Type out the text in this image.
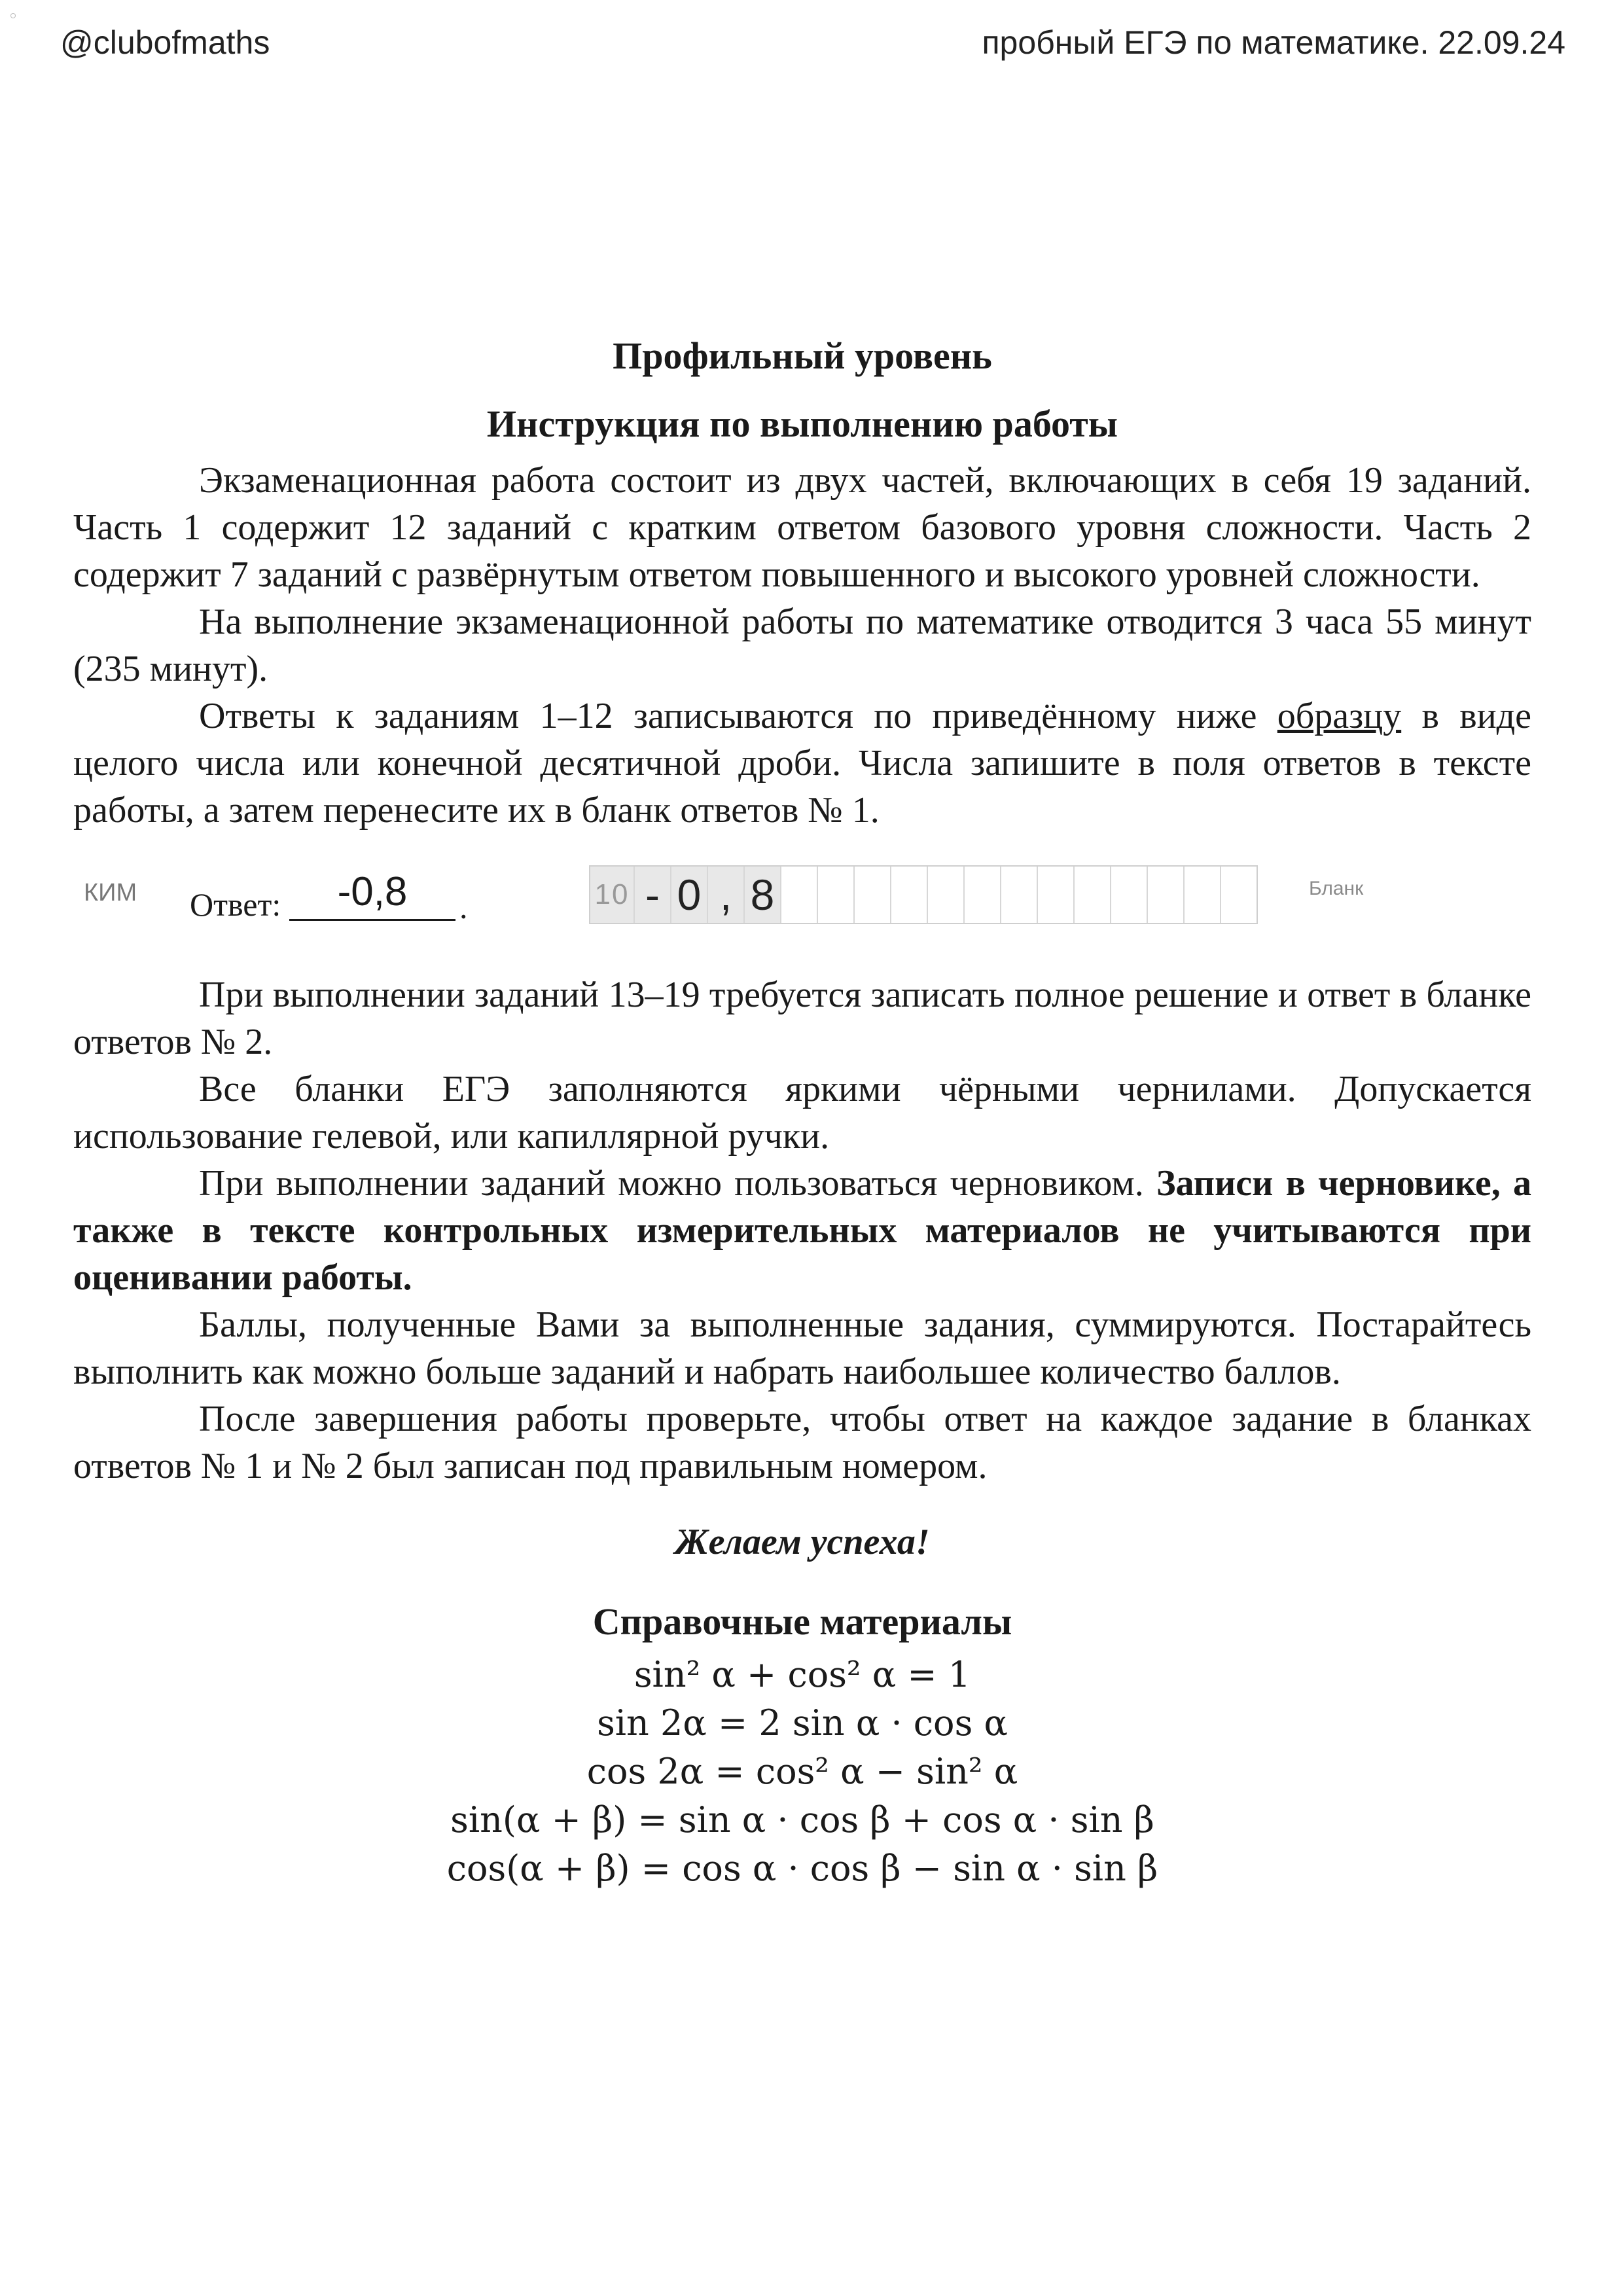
@clubofmaths	пробный ЕГЭ по математике. 22.09.24
Профильный уровень
Инструкция по выполнению работы

Экзаменационная работа состоит из двух частей, включающих в себя 19 заданий. Часть 1 содержит 12 заданий с кратким ответом базового уровня сложности. Часть 2 содержит 7 заданий с развёрнутым ответом повышенного и высокого уровней сложности.

На выполнение экзаменационной работы по математике отводится 3 часа 55 минут (235 минут).

Ответы к заданиям 1–12 записываются по приведённому ниже образцу в виде целого числа или конечной десятичной дроби. Числа запишите в поля ответов в тексте работы, а затем перенесите их в бланк ответов № 1.

КИМ Ответ:	-0,8	.	10 - 0 , 8	Бланк

При выполнении заданий 13–19 требуется записать полное решение и ответ в бланке ответов № 2.

Все бланки ЕГЭ заполняются яркими чёрными чернилами. Допускается использование гелевой, или капиллярной ручки.

При выполнении заданий можно пользоваться черновиком. Записи в черновике, а также в тексте контрольных измерительных материалов не учитываются при оценивании работы.

Баллы, полученные Вами за выполненные задания, суммируются. Постарайтесь выполнить как можно больше заданий и набрать наибольшее количество баллов.

После завершения работы проверьте, чтобы ответ на каждое задание в бланках ответов № 1 и № 2 был записан под правильным номером.

Желаем успеха!
Справочные материалы
sin² α + cos² α = 1
sin 2α = 2 sin α · cos α
cos 2α = cos² α − sin² α
sin(α + β) = sin α · cos β + cos α · sin β
cos(α + β) = cos α · cos β − sin α · sin β
